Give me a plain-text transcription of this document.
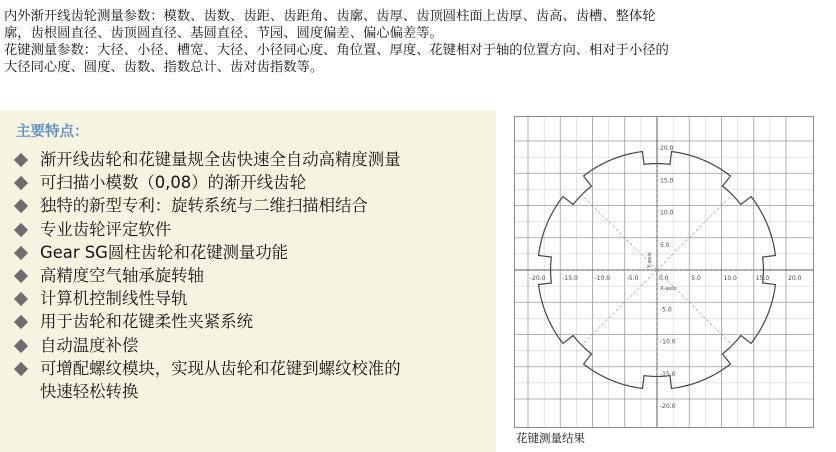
内外渐开线齿轮测量参数：模数、齿数、齿距、齿距角、齿廓、齿厚、齿顶圆柱面上齿厚、齿高、齿槽、整体轮
廓，齿根圆直径、齿顶圆直径、基圆直径、节园、圆度偏差、偏心偏差等。
花键测量参数：大径、小径、槽宽、大径、小径同心度、角位置、厚度、花键相对于轴的位置方向、相对于小径的
大径同心度、圆度、齿数、指数总计、齿对齿指数等。
主要特点：
渐开线齿轮和花键量规全齿快速全自动高精度测量
可扫描小模数（0,08）的渐开线齿轮
独特的新型专利：旋转系统与二维扫描相结合
专业齿轮评定软件
Gear SG圆柱齿轮和花键测量功能
高精度空气轴承旋转轴
计算机控制线性导轨
用于齿轮和花键柔性夹紧系统
自动温度补偿
可增配螺纹模块，实现从齿轮和花键到螺纹校准的
快速轻松转换
-20.0	-15.0	-10.0	-5.0	0.0	5.0	10.0	15.0	20.0
20.0
15.0
10.0
5.0
-5.0
-10.0
-15.0
-20.0
X-axis
Y-axis
花键测量结果
